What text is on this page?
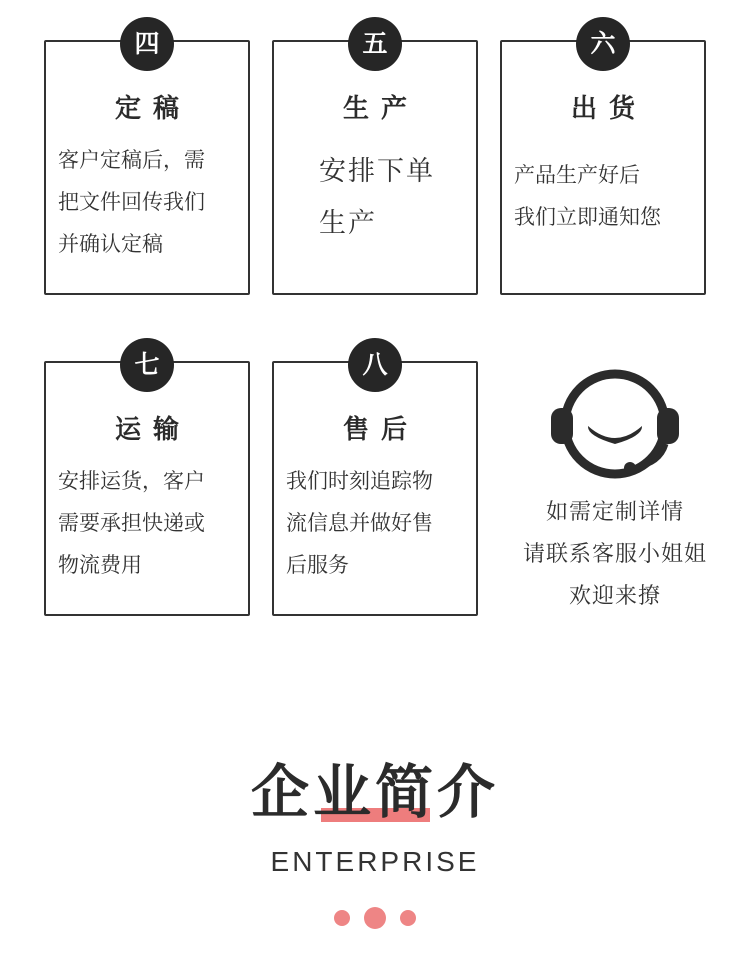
四
定稿
客户定稿后，需
把文件回传我们
并确认定稿
五
生产
安排下单
生产
六
出货
产品生产好后
我们立即通知您
七
运输
安排运货，客户
需要承担快递或
物流费用
八
售后
我们时刻追踪物
流信息并做好售
后服务
如需定制详情
请联系客服小姐姐
欢迎来撩
企业简介
ENTERPRISE
